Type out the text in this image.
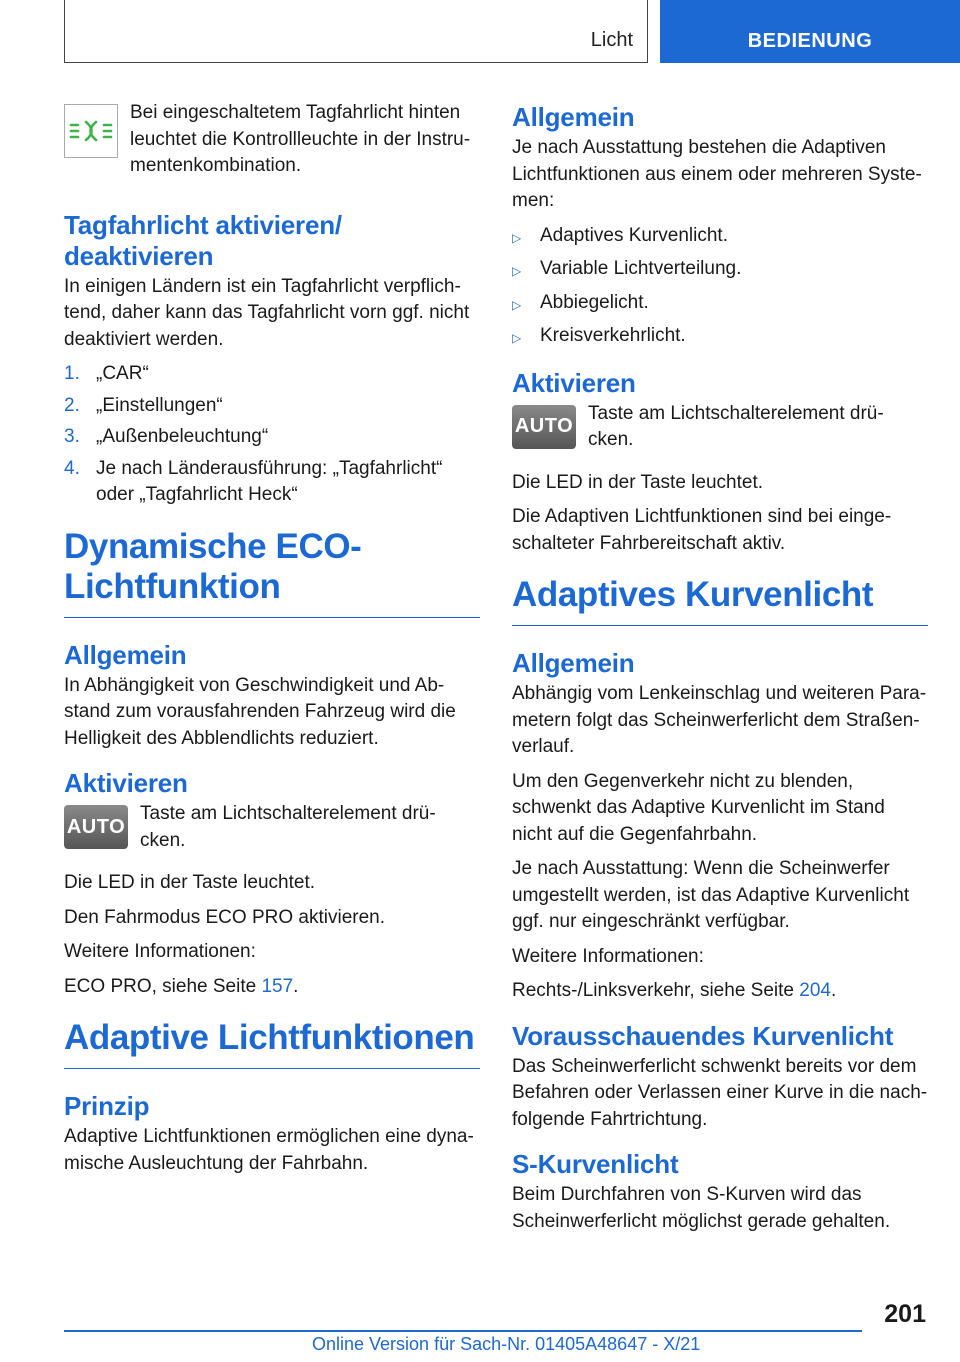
Licht	BEDIENUNG

Bei eingeschaltetem Tagfahrlicht hinten leuchtet die Kontrollleuchte in der Instru-mentenkombination.

Tagfahrlicht aktivieren/ deaktivieren

In einigen Ländern ist ein Tagfahrlicht verpflich-tend, daher kann das Tagfahrlicht vorn ggf. nicht deaktiviert werden.

1. „CAR“
2. „Einstellungen“
3. „Außenbeleuchtung“
4. Je nach Länderausführung: „Tagfahrlicht“ oder „Tagfahrlicht Heck“
Dynamische ECO-Lichtfunktion
Allgemein

In Abhängigkeit von Geschwindigkeit und Ab-stand zum vorausfahrenden Fahrzeug wird die Helligkeit des Abblendlichts reduziert.

Aktivieren
AUTO

Taste am Lichtschalterelement drü-cken.

Die LED in der Taste leuchtet.

Den Fahrmodus ECO PRO aktivieren.

Weitere Informationen:

ECO PRO, siehe Seite 157.

Adaptive Lichtfunktionen
Prinzip

Adaptive Lichtfunktionen ermöglichen eine dyna-mische Ausleuchtung der Fahrbahn.

Allgemein

Je nach Ausstattung bestehen die Adaptiven Lichtfunktionen aus einem oder mehreren Syste-men:

▷ Adaptives Kurvenlicht.
▷ Variable Lichtverteilung.
▷ Abbiegelicht.
▷ Kreisverkehrlicht.
Aktivieren
AUTO

Taste am Lichtschalterelement drü-cken.

Die LED in der Taste leuchtet.

Die Adaptiven Lichtfunktionen sind bei einge-schalteter Fahrbereitschaft aktiv.

Adaptives Kurvenlicht
Allgemein

Abhängig vom Lenkeinschlag und weiteren Para-metern folgt das Scheinwerferlicht dem Straßen-verlauf.

Um den Gegenverkehr nicht zu blenden, schwenkt das Adaptive Kurvenlicht im Stand nicht auf die Gegenfahrbahn.

Je nach Ausstattung: Wenn die Scheinwerfer umgestellt werden, ist das Adaptive Kurvenlicht ggf. nur eingeschränkt verfügbar.

Weitere Informationen:

Rechts-/Linksverkehr, siehe Seite 204.

Vorausschauendes Kurvenlicht

Das Scheinwerferlicht schwenkt bereits vor dem Befahren oder Verlassen einer Kurve in die nach-folgende Fahrtrichtung.

S-Kurvenlicht

Beim Durchfahren von S-Kurven wird das Scheinwerferlicht möglichst gerade gehalten.

201
Online Version für Sach-Nr. 01405A48647 - X/21
